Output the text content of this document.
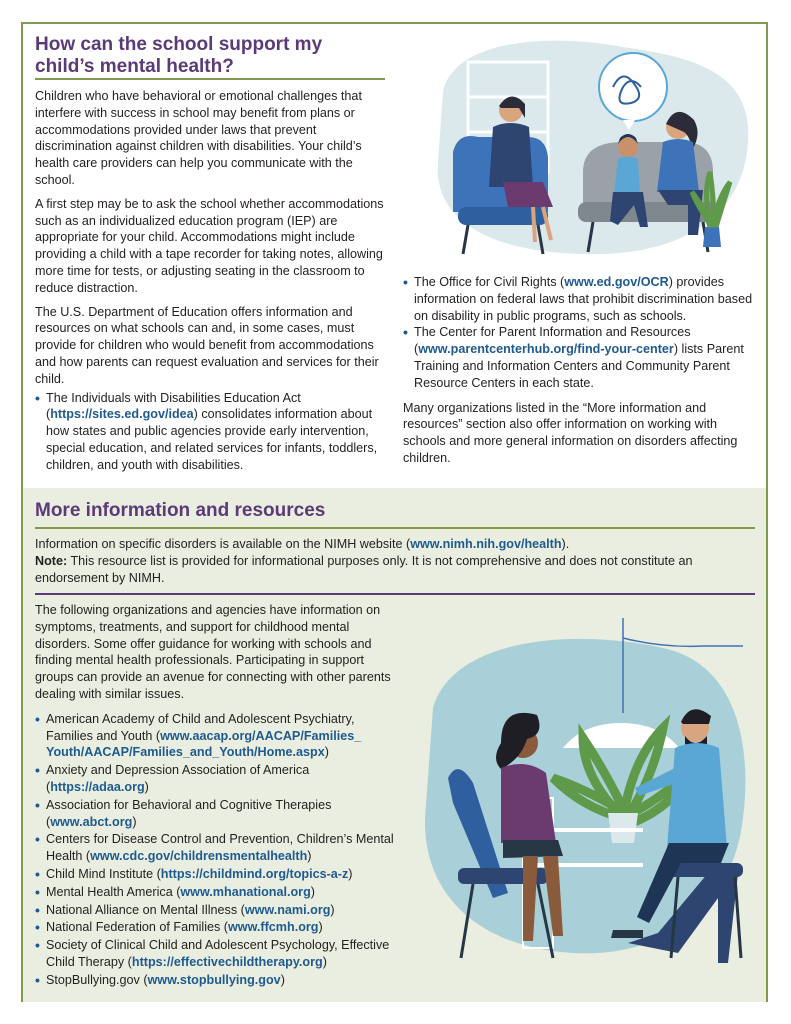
How can the school support my child’s mental health?

Children who have behavioral or emotional challenges that interfere with success in school may benefit from plans or accommodations provided under laws that prevent discrimination against children with disabilities. Your child’s health care providers can help you communicate with the school.

A first step may be to ask the school whether accommodations such as an individualized education program (IEP) are appropriate for your child. Accommodations might include providing a child with a tape recorder for taking notes, allowing more time for tests, or adjusting seating in the classroom to reduce distraction.

The U.S. Department of Education offers information and resources on what schools can and, in some cases, must provide for children who would benefit from accommodations and how parents can request evaluation and services for their child.

• The Individuals with Disabilities Education Act (https://sites.ed.gov/idea) consolidates information about how states and public agencies provide early intervention, special education, and related services for infants, toddlers, children, and youth with disabilities.
• The Office for Civil Rights (www.ed.gov/OCR) provides information on federal laws that prohibit discrimination based on disability in public programs, such as schools.
• The Center for Parent Information and Resources (www.parentcenterhub.org/find-your-center) lists Parent Training and Information Centers and Community Parent Resource Centers in each state.

Many organizations listed in the “More information and resources” section also offer information on working with schools and more general information on disorders affecting children.

More information and resources
Information on specific disorders is available on the NIMH website (www.nimh.nih.gov/health).
Note: This resource list is provided for informational purposes only. It is not comprehensive and does not constitute an endorsement by NIMH.

The following organizations and agencies have information on symptoms, treatments, and support for childhood mental disorders. Some offer guidance for working with schools and finding mental health professionals. Participating in support groups can provide an avenue for connecting with other parents dealing with similar issues.

• American Academy of Child and Adolescent Psychiatry, Families and Youth (www.aacap.org/AACAP/Families_ Youth/AACAP/Families_and_Youth/Home.aspx)
• Anxiety and Depression Association of America (https://adaa.org)
• Association for Behavioral and Cognitive Therapies (www.abct.org)
• Centers for Disease Control and Prevention, Children’s Mental Health (www.cdc.gov/childrensmentalhealth)
• Child Mind Institute (https://childmind.org/topics-a-z)
• Mental Health America (www.mhanational.org)
• National Alliance on Mental Illness (www.nami.org)
• National Federation of Families (www.ffcmh.org)
• Society of Clinical Child and Adolescent Psychology, Effective Child Therapy (https://effectivechildtherapy.org)
• StopBullying.gov (www.stopbullying.gov)
